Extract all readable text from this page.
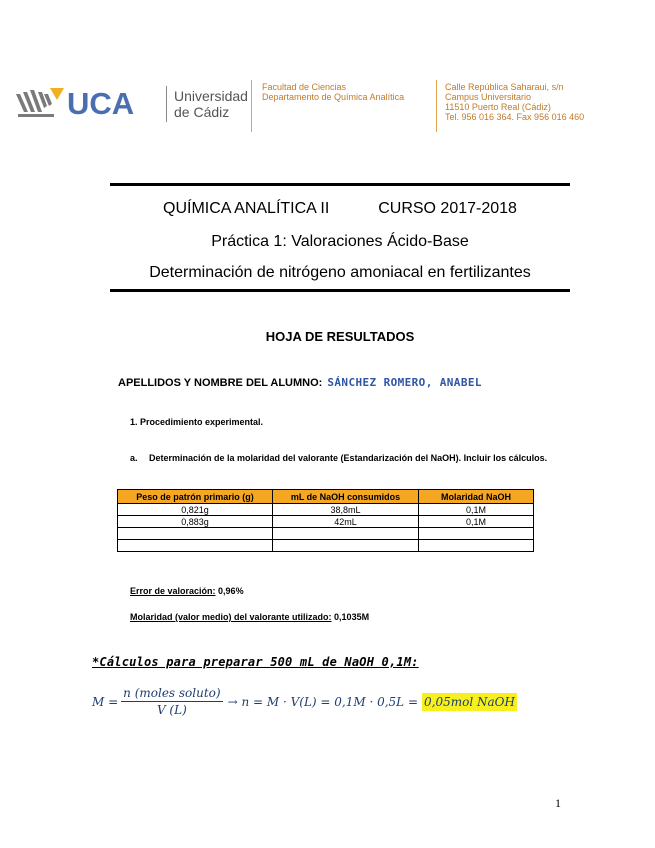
UCA	Universidad
de Cádiz
Facultad de Ciencias
Departamento de Química Analítica
Calle República Saharaui, s/n
Campus Universitario
11510 Puerto Real (Cádiz)
Tel. 956 016 364. Fax 956 016 460
QUÍMICA ANALÍTICA II	CURSO 2017-2018
Práctica 1: Valoraciones Ácido-Base
Determinación de nitrógeno amoniacal en fertilizantes
HOJA DE RESULTADOS
APELLIDOS Y NOMBRE DEL ALUMNO: SÁNCHEZ ROMERO, ANABEL
1. Procedimiento experimental.
a. Determinación de la molaridad del valorante (Estandarización del NaOH). Incluir los cálculos.
Peso de patrón primario (g)	mL de NaOH consumidos	Molaridad NaOH
0,821g	38,8mL	0,1M
0,883g	42mL	0,1M

Error de valoración: 0,96%
Molaridad (valor medio) del valorante utilizado: 0,1035M
*Cálculos para preparar 500 mL de NaOH 0,1M:
$M = \frac{\text{n (moles soluto)}}{V (L)} \to n = M \cdot V(L) = 0,1M \cdot 0,5L = 0,05mol$ NaOH
1
